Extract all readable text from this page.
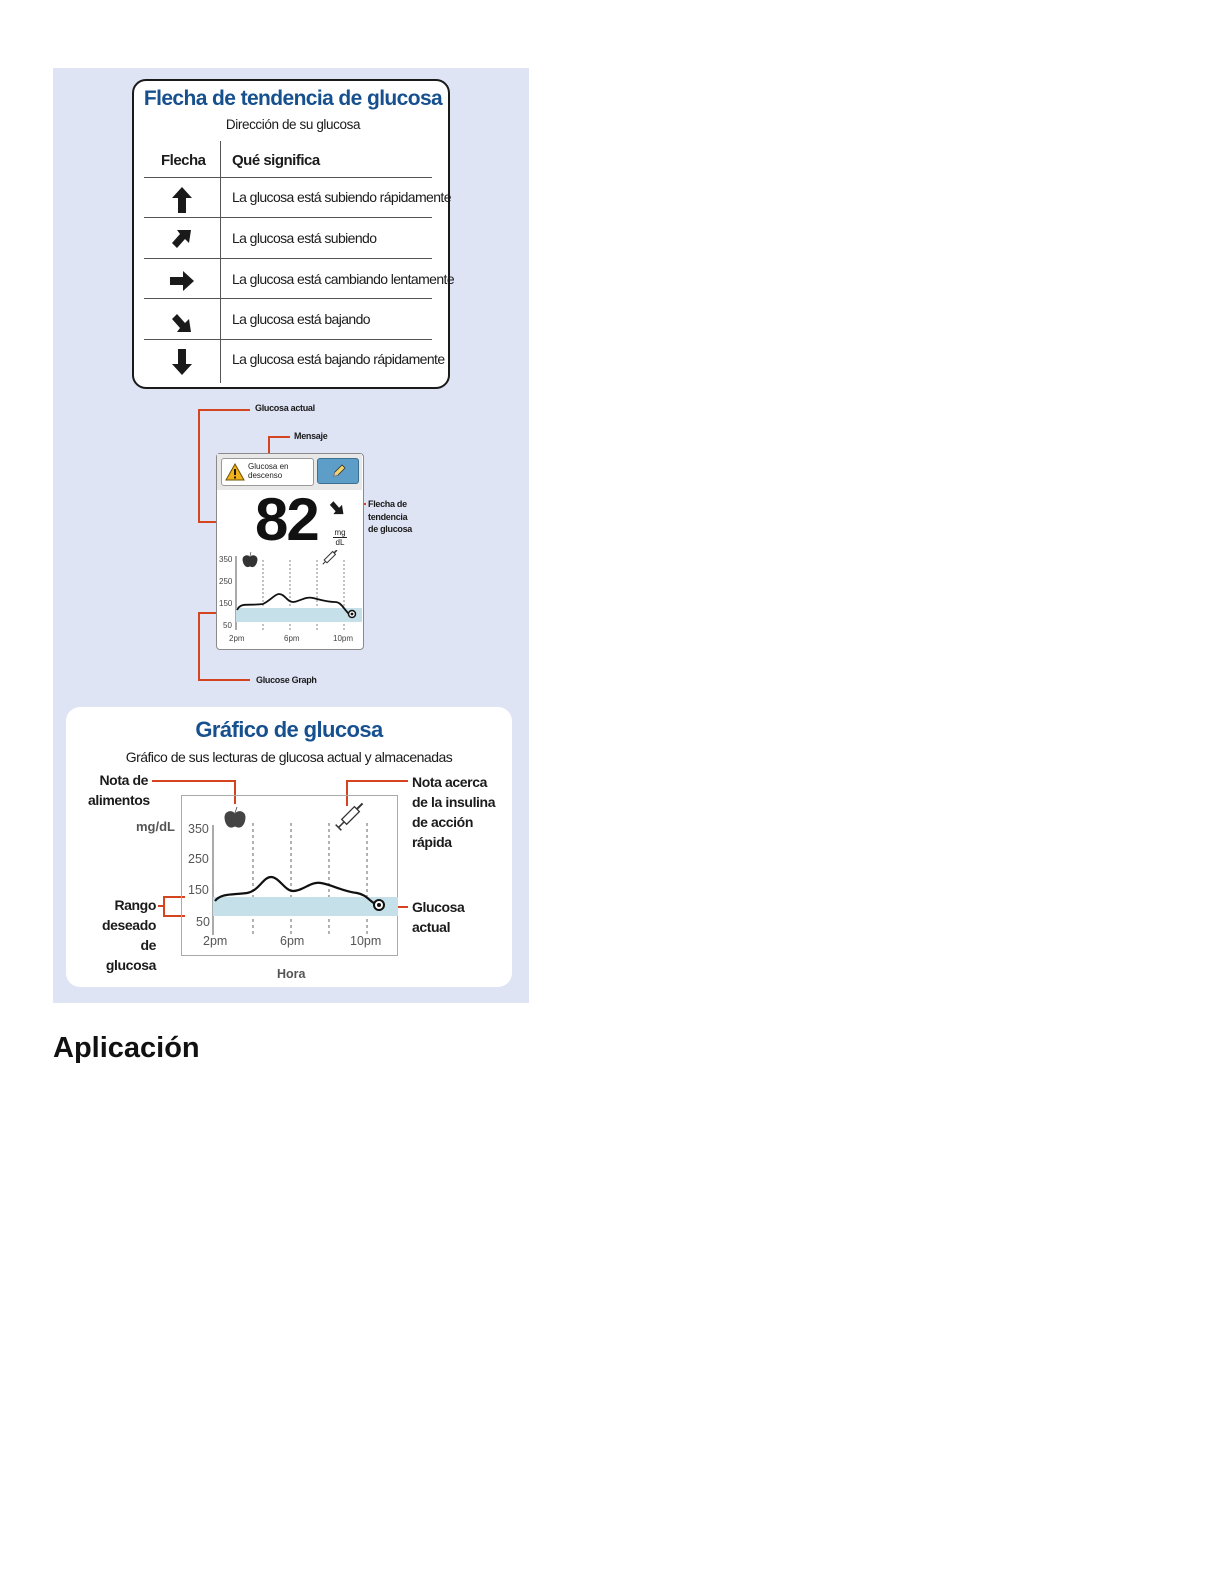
Flecha de tendencia de glucosa
Dirección de su glucosa
Flecha Qué significa
La glucosa está subiendo rápidamente
La glucosa está subiendo
La glucosa está cambiando lentamente
La glucosa está bajando
La glucosa está bajando rápidamente
Glucosa actual
Mensaje
Flecha de tendencia de glucosa
Glucose Graph
Glucosa en descenso
82 mg
dL
350
250
150
50
2pm	6pm	10pm
Gráfico de glucosa
Gráfico de sus lecturas de glucosa actual y almacenadas
Nota de
alimentos
Nota acerca
de la insulina
de acción
rápida
mg/dL
Rango
deseado de
glucosa
Glucosa
actual
350
250
150
50
2pm	6pm	10pm
Hora
Aplicación
